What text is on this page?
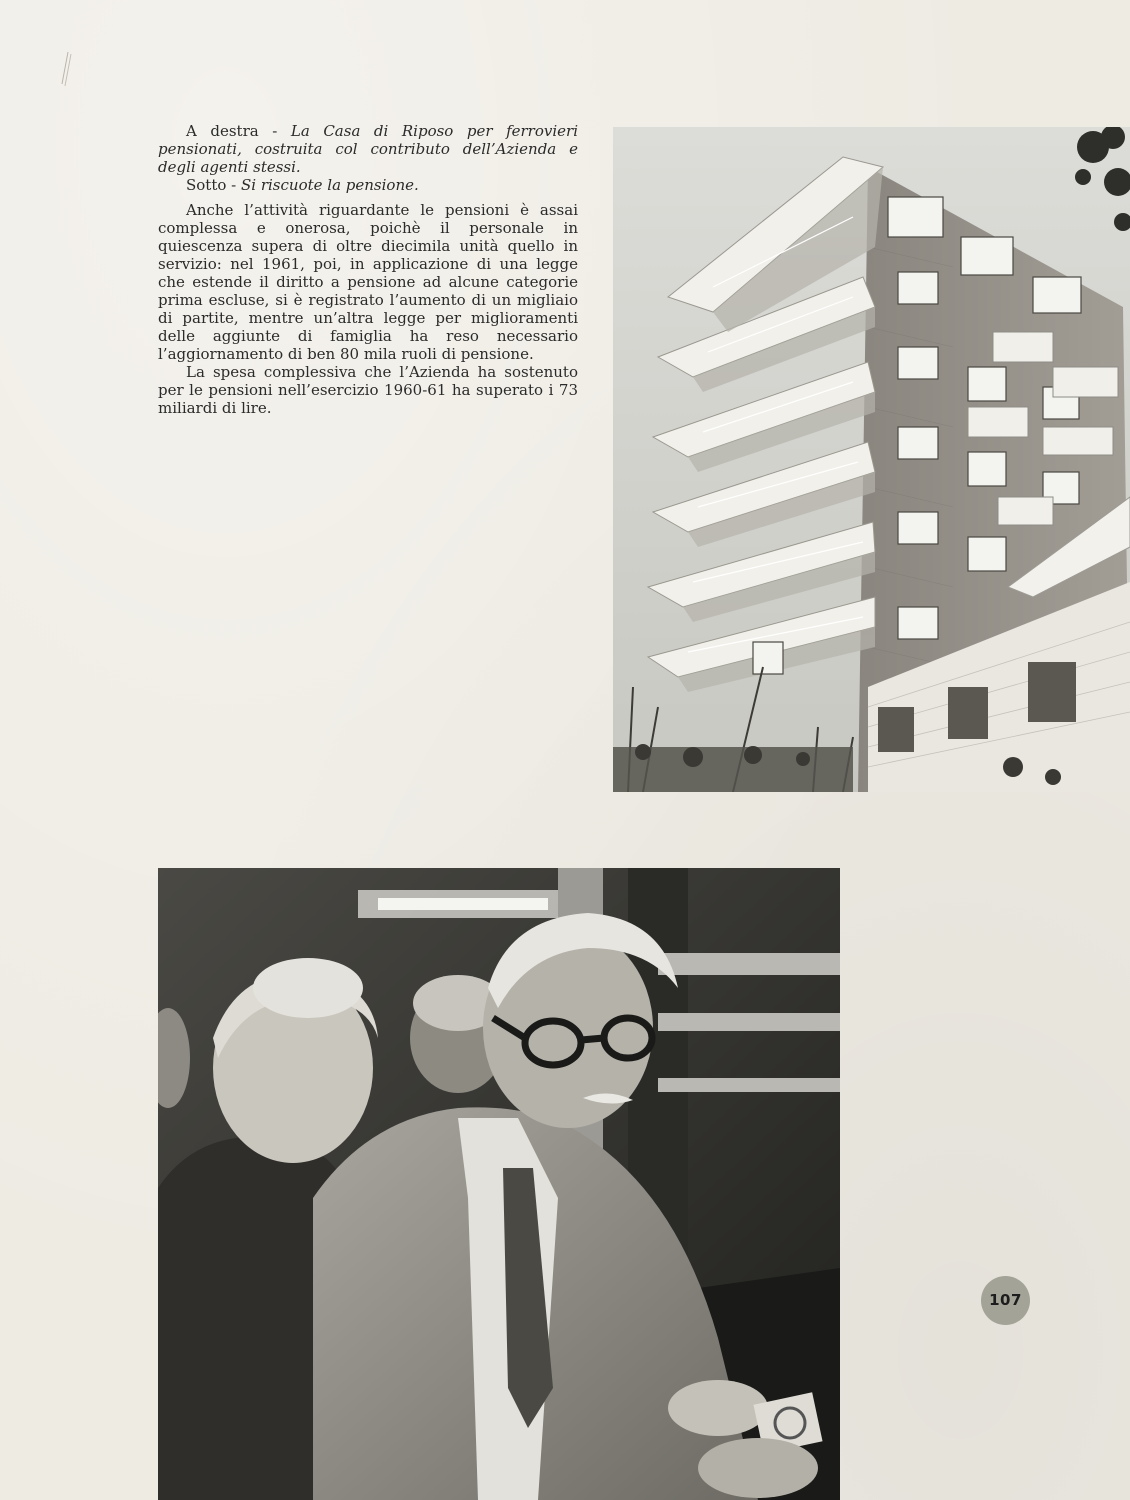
A destra - La Casa di Riposo per ferrovieri pensionati, costruita col contributo dell’Azienda e degli agenti stessi.
Sotto - Si riscuote la pensione.

Anche l’attività riguardante le pensioni è assai complessa e onerosa, poichè il personale in quiescenza supera di oltre diecimila unità quello in servizio: nel 1961, poi, in applicazione di una legge che estende il diritto a pensione ad alcune categorie prima escluse, si è registrato l’aumento di un migliaio di partite, mentre un’altra legge per miglioramenti delle aggiunte di famiglia ha reso necessario l’aggiornamento di ben 80 mila ruoli di pensione.

La spesa complessiva che l’Azienda ha sostenuto per le pensioni nell’esercizio 1960-61 ha superato i 73 miliardi di lire.

107
